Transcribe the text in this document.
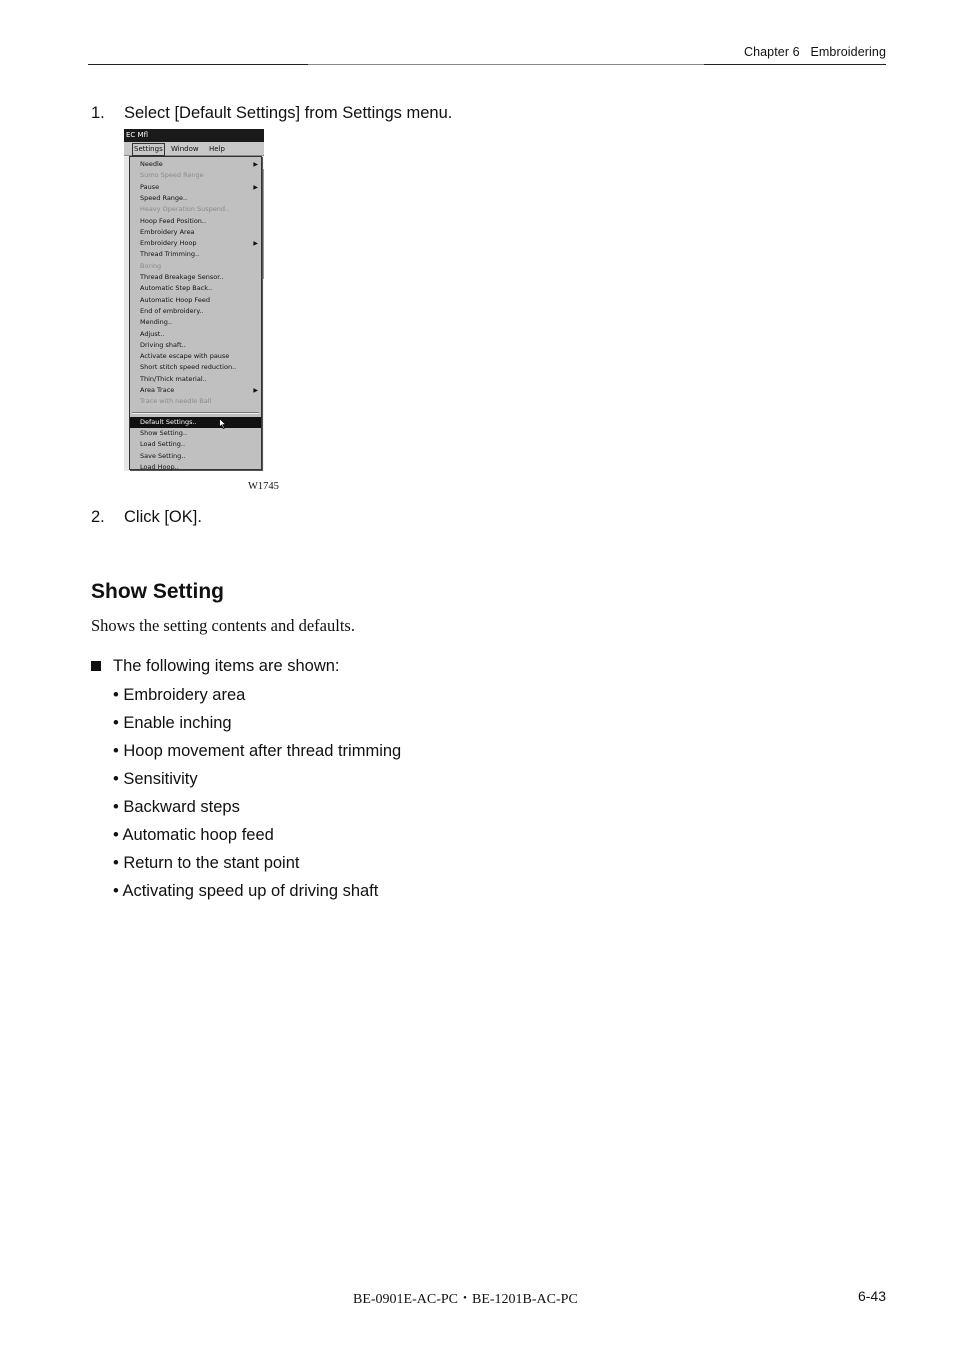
Chapter 6 Embroidering
1. Select [Default Settings] from Settings menu.
EC Mfl
Settings Window Help
Needle	▶
Sumo Speed Range
Pause	▶
Speed Range..
Heavy Operation Suspend..
Hoop Feed Position..
Embroidery Area
Embroidery Hoop	▶
Thread Trimming..
Boring
Thread Breakage Sensor..
Automatic Step Back..
Automatic Hoop Feed
End of embroidery..
Mending..
Adjust..
Driving shaft..
Activate escape with pause
Short stitch speed reduction..
Thin/Thick material..
Area Trace	▶
Trace with needle Ball
Default Settings..
Show Setting..
Load Setting..
Save Setting..
Load Hoop..
W1745
2. Click [OK].
Show Setting
Shows the setting contents and defaults.
The following items are shown:
• Embroidery area
• Enable inching
• Hoop movement after thread trimming
• Sensitivity
• Backward steps
• Automatic hoop feed
• Return to the stant point
• Activating speed up of driving shaft
BE-0901E-AC-PC・BE-1201B-AC-PC	6-43
